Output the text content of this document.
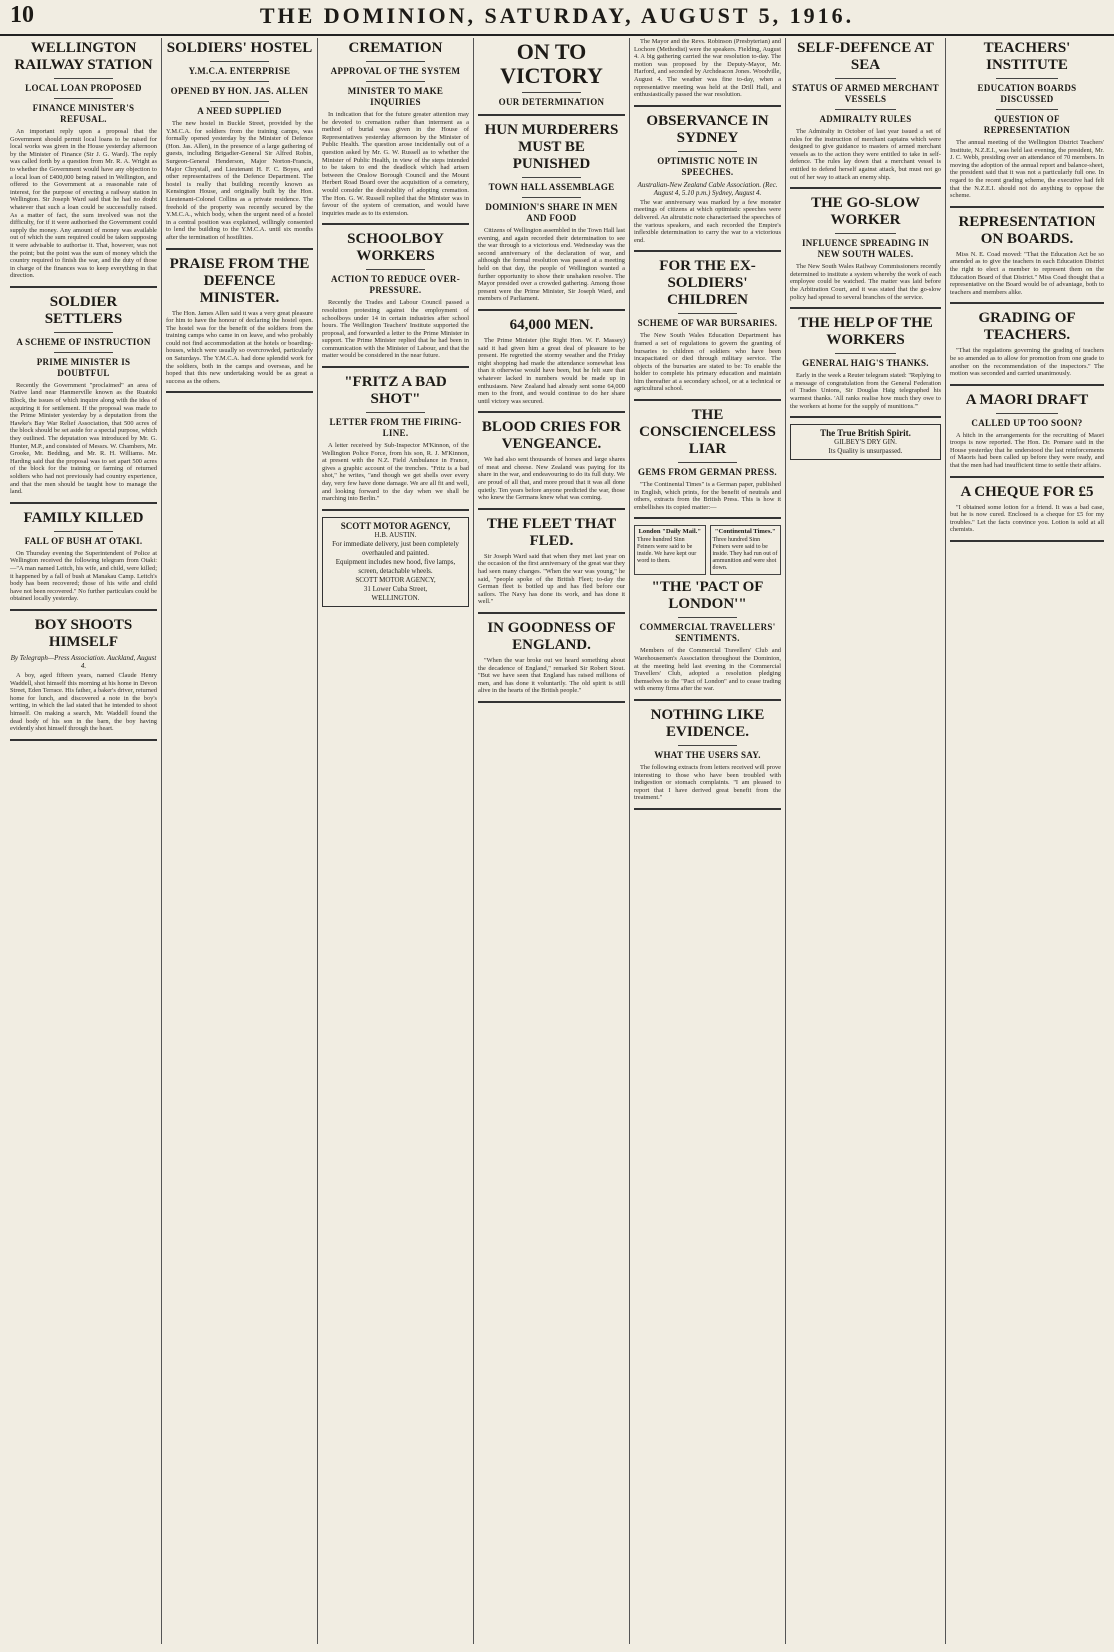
10	THE DOMINION, SATURDAY, AUGUST 5, 1916.
WELLINGTON RAILWAY STATION
LOCAL LOAN PROPOSED
FINANCE MINISTER'S REFUSAL.

An important reply upon a proposal that the Government should permit local loans to be raised for local works was given in the House yesterday afternoon by the Minister of Finance (Sir J. G. Ward). The reply was called forth by a question from Mr. R. A. Wright as to whether the Government would have any objection to a local loan of £400,000 being raised in Wellington, and offered to the Government at a reasonable rate of interest, for the purpose of erecting a railway station in Wellington. Sir Joseph Ward said that he had no doubt whatever that such a loan could be successfully raised. As a matter of fact, the sum involved was not the difficulty, for if it were authorised the Government could supply the money. Any amount of money was available out of which the sum required could be taken supposing it were advisable to authorise it. That, however, was not the point; but the point was the sum of money which the country required to finish the war, and the duty of those in charge of the finances was to keep everything in that direction.

SOLDIER SETTLERS
A SCHEME OF INSTRUCTION
PRIME MINISTER IS DOUBTFUL

Recently the Government "proclaimed" an area of Native land near Hanmerville known as the Ruatoki Block, the issues of which inquire along with the idea of acquiring it for settlement. If the proposal was made to the Prime Minister yesterday by a deputation from the Hawke's Bay War Relief Association, that 500 acres of the block should be set aside for a special purpose, which they outlined. The deputation was introduced by Mr. G. Hunter, M.P., and consisted of Messrs. W. Chambers, Mr. Grooke, Mr. Bedding, and Mr. R. H. Williams. Mr. Harding said that the proposal was to set apart 500 acres of the block for the training or farming of returned soldiers who had not previously had country experience, and that the men should be taught how to manage the land.

FAMILY KILLED
FALL OF BUSH AT OTAKI.

On Thursday evening the Superintendent of Police at Wellington received the following telegram from Otaki:—"A man named Leitch, his wife, and child, were killed; it happened by a fall of bush at Manakau Camp. Leitch's body has been recovered; those of his wife and child have not been recovered." No further particulars could be obtained locally yesterday.

BOY SHOOTS HIMSELF
By Telegraph—Press Association. Auckland, August 4.

A boy, aged fifteen years, named Claude Henry Waddell, shot himself this morning at his home in Devon Street, Eden Terrace. His father, a baker's driver, returned home for lunch, and discovered a note in the boy's writing, in which the lad stated that he intended to shoot himself. On making a search, Mr. Waddell found the dead body of his son in the barn, the boy having evidently shot himself through the heart.

SOLDIERS' HOSTEL
Y.M.C.A. ENTERPRISE
OPENED BY HON. JAS. ALLEN
A NEED SUPPLIED

The new hostel in Buckle Street, provided by the Y.M.C.A. for soldiers from the training camps, was formally opened yesterday by the Minister of Defence (Hon. Jas. Allen), in the presence of a large gathering of guests, including Brigadier-General Sir Alfred Robin, Surgeon-General Henderson, Major Norton-Francis, Major Chrystall, and Lieutenant H. F. C. Boyes, and other representatives of the Defence Department. The hostel is really that building recently known as Kensington House, and originally built by the Hon. Lieutenant-Colonel Collins as a private residence. The freehold of the property was recently secured by the Y.M.C.A., which body, when the urgent need of a hostel in a central position was explained, willingly consented to lend the building to the Y.M.C.A. until six months after the termination of hostilities.

PRAISE FROM THE DEFENCE MINISTER.

The Hon. James Allen said it was a very great pleasure for him to have the honour of declaring the hostel open. The hostel was for the benefit of the soldiers from the training camps who came in on leave, and who probably could not find accommodation at the hotels or boarding-houses, which were usually so overcrowded, particularly on Saturdays. The Y.M.C.A. had done splendid work for the soldiers, both in the camps and overseas, and he hoped that this new undertaking would be as great a success as the others.

CREMATION
APPROVAL OF THE SYSTEM
MINISTER TO MAKE INQUIRIES

In indication that for the future greater attention may be devoted to cremation rather than interment as a method of burial was given in the House of Representatives yesterday afternoon by the Minister of Public Health. The question arose incidentally out of a question asked by Mr. G. W. Russell as to whether the Minister of Public Health, in view of the steps intended to be taken to end the deadlock which had arisen between the Onslow Borough Council and the Mount Herbert Road Board over the acquisition of a cemetery, would consider the desirability of adopting cremation. The Hon. G. W. Russell replied that the Minister was in favour of the system of cremation, and would have inquiries made as to its extension.

SCHOOLBOY WORKERS
ACTION TO REDUCE OVER-PRESSURE.

Recently the Trades and Labour Council passed a resolution protesting against the employment of schoolboys under 14 in certain industries after school hours. The Wellington Teachers' Institute supported the proposal, and forwarded a letter to the Prime Minister in support. The Prime Minister replied that he had been in communication with the Minister of Labour, and that the matter would be considered in the near future.

"FRITZ A BAD SHOT"
LETTER FROM THE FIRING-LINE.

A letter received by Sub-Inspector M'Kinnon, of the Wellington Police Force, from his son, R. J. M'Kinnon, at present with the N.Z. Field Ambulance in France, gives a graphic account of the trenches. "Fritz is a bad shot," he writes, "and though we get shells over every day, very few have done damage. We are all fit and well, and looking forward to the day when we shall be marching into Berlin."

SCOTT MOTOR AGENCY,
H.B. AUSTIN.
For immediate delivery, just been completely overhauled and painted.
Equipment includes new hood, five lamps, screen, detachable wheels.
SCOTT MOTOR AGENCY,
31 Lower Cuba Street,
WELLINGTON.
ON TO VICTORY
OUR DETERMINATION
HUN MURDERERS MUST BE PUNISHED
TOWN HALL ASSEMBLAGE
DOMINION'S SHARE IN MEN AND FOOD

Citizens of Wellington assembled in the Town Hall last evening, and again recorded their determination to see the war through to a victorious end. Wednesday was the second anniversary of the declaration of war, and although the formal resolution was passed at a meeting held on that day, the people of Wellington wanted a further opportunity to show their unshaken resolve. The Mayor presided over a crowded gathering. Among those present were the Prime Minister, Sir Joseph Ward, and members of Parliament.

64,000 MEN.

The Prime Minister (the Right Hon. W. F. Massey) said it had given him a great deal of pleasure to be present. He regretted the stormy weather and the Friday night shopping had made the attendance somewhat less than it otherwise would have been, but he felt sure that whatever lacked in numbers would be made up in enthusiasm. New Zealand had already sent some 64,000 men to the front, and would continue to do her share until victory was secured.

BLOOD CRIES FOR VENGEANCE.

We had also sent thousands of horses and large shares of meat and cheese. New Zealand was paying for its share in the war, and endeavouring to do its full duty. We are proud of all that, and more proud that it was all done quietly. Ten years before anyone predicted the war, those who knew the Germans knew what was coming.

THE FLEET THAT FLED.

Sir Joseph Ward said that when they met last year on the occasion of the first anniversary of the great war they had seen many changes. "When the war was young," he said, "people spoke of the British Fleet; to-day the German fleet is bottled up and has fled before our sailors. The Navy has done its work, and has done it well."

IN GOODNESS OF ENGLAND.

"When the war broke out we heard something about the decadence of England," remarked Sir Robert Stout. "But we have seen that England has raised millions of men, and has done it voluntarily. The old spirit is still alive in the hearts of the British people."

The Mayor and the Revs. Robinson (Presbyterian) and Lochore (Methodist) were the speakers. Fielding, August 4. A big gathering carried the war resolution to-day. The motion was proposed by the Deputy-Mayor, Mr. Harford, and seconded by Archdeacon Jones. Woodville, August 4. The weather was fine to-day, when a representative meeting was held at the Drill Hall, and enthusiastically passed the war resolution.

OBSERVANCE IN SYDNEY
OPTIMISTIC NOTE IN SPEECHES.
Australian-New Zealand Cable Association. (Rec. August 4, 5.10 p.m.) Sydney, August 4.

The war anniversary was marked by a few monster meetings of citizens at which optimistic speeches were delivered. An altruistic note characterised the speeches of the various speakers, and each recorded the Empire's inflexible determination to carry the war to a victorious end.

FOR THE EX-SOLDIERS' CHILDREN
SCHEME OF WAR BURSARIES.

The New South Wales Education Department has framed a set of regulations to govern the granting of bursaries to children of soldiers who have been incapacitated or died through military service. The objects of the bursaries are stated to be: To enable the holder to complete his primary education and maintain him thereafter at a secondary school, or at a technical or agricultural school.

THE CONSCIENCELESS LIAR
GEMS FROM GERMAN PRESS.

"The Continental Times" is a German paper, published in English, which prints, for the benefit of neutrals and others, extracts from the British Press. This is how it embellishes its copied matter:—

London "Daily Mail."
Three hundred Sinn Feiners were said to be inside. We have kept our word to them.
"Continental Times."
Three hundred Sinn Feiners were said to be inside. They had run out of ammunition and were shot down.
"THE 'PACT OF LONDON'"
COMMERCIAL TRAVELLERS' SENTIMENTS.

Members of the Commercial Travellers' Club and Warehousemen's Association throughout the Dominion, at the meeting held last evening in the Commercial Travellers' Club, adopted a resolution pledging themselves to the "Pact of London" and to cease trading with enemy firms after the war.

NOTHING LIKE EVIDENCE.
WHAT THE USERS SAY.

The following extracts from letters received will prove interesting to those who have been troubled with indigestion or stomach complaints. "I am pleased to report that I have derived great benefit from the treatment."

SELF-DEFENCE AT SEA
STATUS OF ARMED MERCHANT VESSELS
ADMIRALTY RULES

The Admiralty in October of last year issued a set of rules for the instruction of merchant captains which were designed to give guidance to masters of armed merchant vessels as to the action they were entitled to take in self-defence. The rules lay down that a merchant vessel is entitled to defend herself against attack, but must not go out of her way to attack an enemy ship.

THE GO-SLOW WORKER
INFLUENCE SPREADING IN NEW SOUTH WALES.

The New South Wales Railway Commissioners recently determined to institute a system whereby the work of each employee could be watched. The matter was laid before the Arbitration Court, and it was stated that the go-slow policy had spread to several branches of the service.

THE HELP OF THE WORKERS
GENERAL HAIG'S THANKS.

Early in the week a Reuter telegram stated: "Replying to a message of congratulation from the General Federation of Trades Unions, Sir Douglas Haig telegraphed his warmest thanks. 'All ranks realise how much they owe to the workers at home for the supply of munitions.'"

The True British Spirit.
GILBEY'S DRY GIN.
Its Quality is unsurpassed.
TEACHERS' INSTITUTE
EDUCATION BOARDS DISCUSSED
QUESTION OF REPRESENTATION

The annual meeting of the Wellington District Teachers' Institute, N.Z.E.I., was held last evening, the president, Mr. J. C. Webb, presiding over an attendance of 70 members. In moving the adoption of the annual report and balance-sheet, the president said that it was not a particularly full one. In regard to the recent grading scheme, the executive had felt that the N.Z.E.I. should not do anything to oppose the scheme.

REPRESENTATION ON BOARDS.

Miss N. E. Coad moved: "That the Education Act be so amended as to give the teachers in each Education District the right to elect a member to represent them on the Education Board of that District." Miss Coad thought that a representative on the Board would be of advantage, both to teachers and members alike.

GRADING OF TEACHERS.

"That the regulations governing the grading of teachers be so amended as to allow for promotion from one grade to another on the recommendation of the inspectors." The motion was seconded and carried unanimously.

A MAORI DRAFT
CALLED UP TOO SOON?

A hitch in the arrangements for the recruiting of Maori troops is now reported. The Hon. Dr. Pomare said in the House yesterday that he understood the last reinforcements of Maoris had been called up before they were ready, and that the men had had insufficient time to settle their affairs.

A CHEQUE FOR £5

"I obtained some lotion for a friend. It was a bad case, but he is now cured. Enclosed is a cheque for £5 for my troubles." Let the facts convince you. Lotion is sold at all chemists.
